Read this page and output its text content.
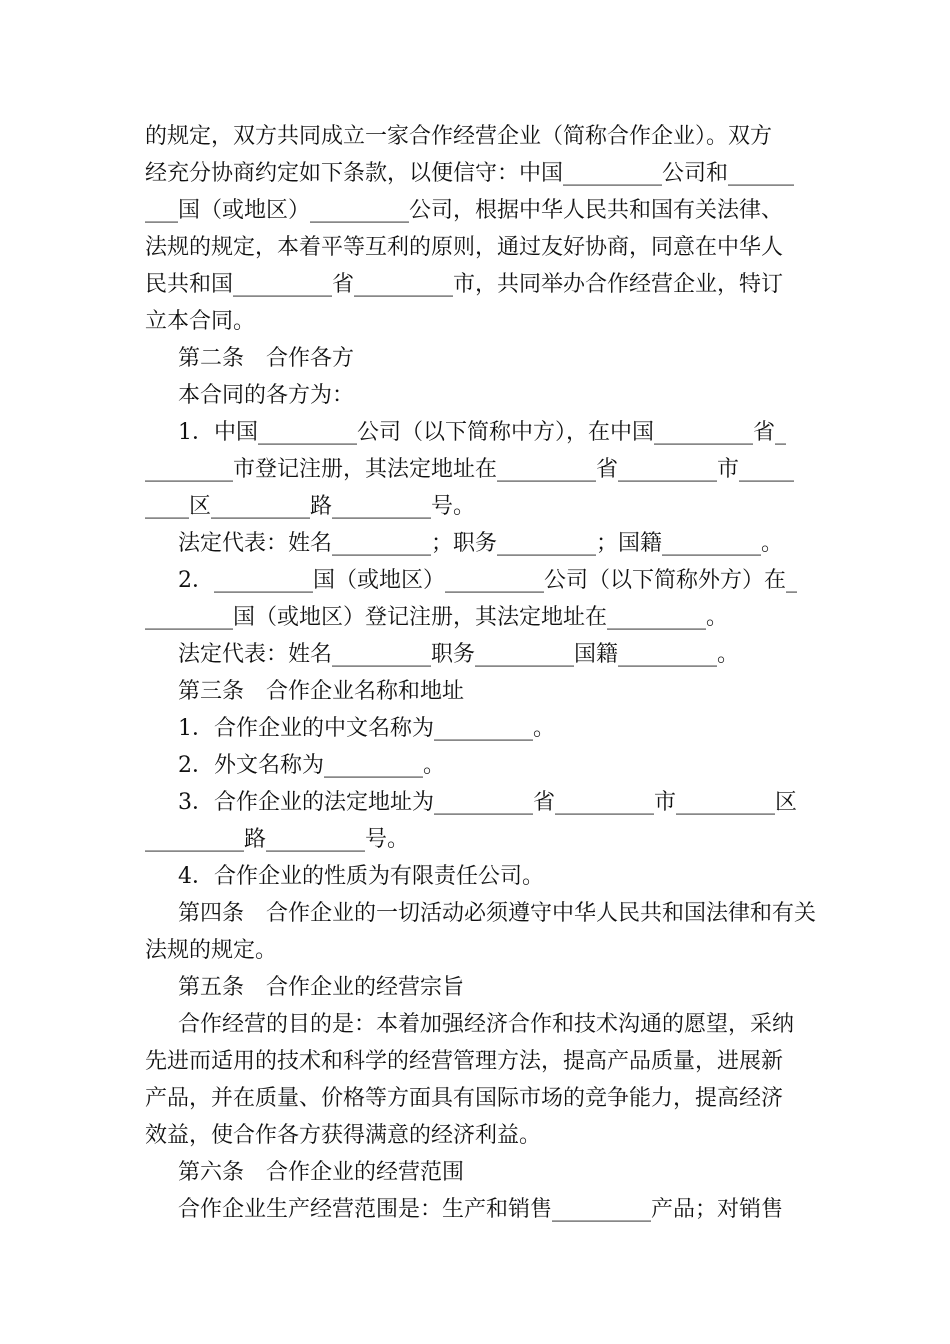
的规定，双方共同成立一家合作经营企业（简称合作企业）。双方
经充分协商约定如下条款，以便信守：中国_________公司和______
___国（或地区）_________公司，根据中华人民共和国有关法律、
法规的规定，本着平等互利的原则，通过友好协商，同意在中华人
民共和国_________省_________市，共同举办合作经营企业，特订
立本合同。
第二条　合作各方
本合同的各方为：
1．中国_________公司（以下简称中方），在中国_________省_
________市登记注册，其法定地址在_________省_________市_____
____区_________路_________号。
法定代表：姓名_________；职务_________；国籍_________。
2．_________国（或地区）_________公司（以下简称外方）在_
________国（或地区）登记注册，其法定地址在_________。
法定代表：姓名_________职务_________国籍_________。
第三条　合作企业名称和地址
1．合作企业的中文名称为_________。
2．外文名称为_________。
3．合作企业的法定地址为_________省_________市_________区
_________路_________号。
4．合作企业的性质为有限责任公司。
第四条　合作企业的一切活动必须遵守中华人民共和国法律和有关
法规的规定。
第五条　合作企业的经营宗旨
合作经营的目的是：本着加强经济合作和技术沟通的愿望，采纳
先进而适用的技术和科学的经营管理方法，提高产品质量，进展新
产品，并在质量、价格等方面具有国际市场的竞争能力，提高经济
效益，使合作各方获得满意的经济利益。
第六条　合作企业的经营范围
合作企业生产经营范围是：生产和销售_________产品；对销售
